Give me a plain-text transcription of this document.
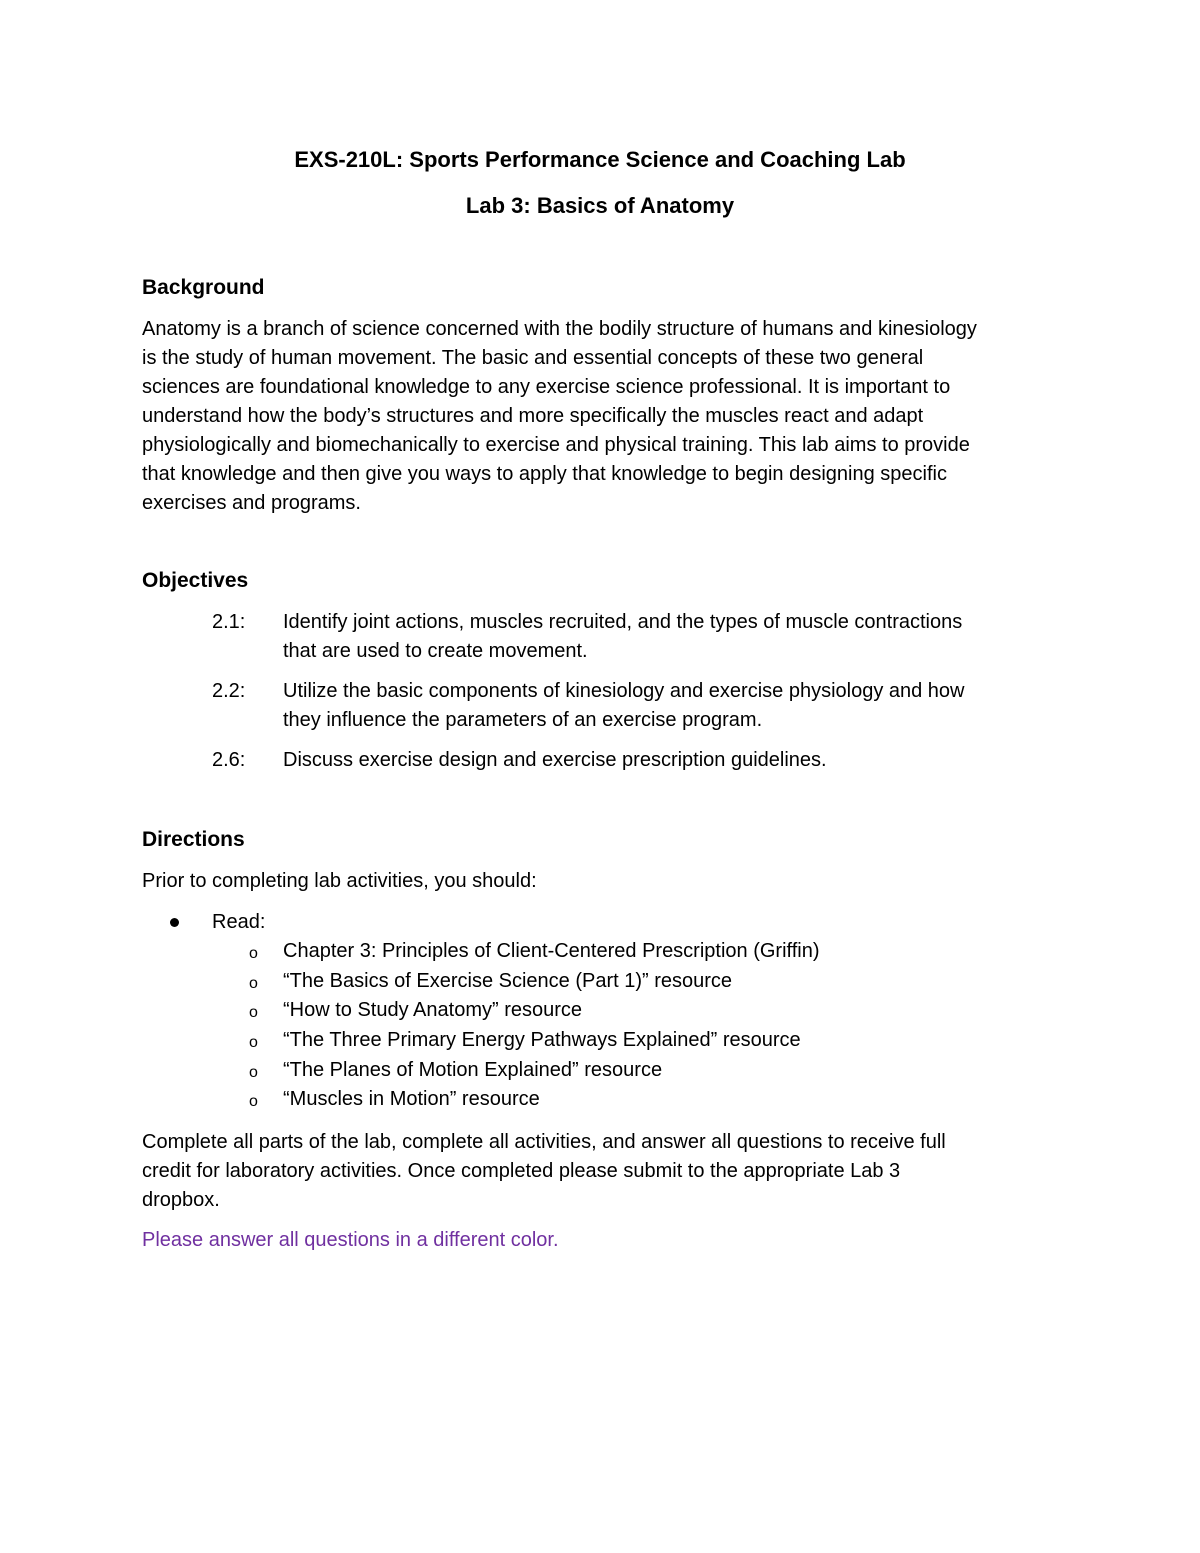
EXS-210L: Sports Performance Science and Coaching Lab
Lab 3: Basics of Anatomy
Background
Anatomy is a branch of science concerned with the bodily structure of humans and kinesiology
is the study of human movement. The basic and essential concepts of these two general
sciences are foundational knowledge to any exercise science professional. It is important to
understand how the body’s structures and more specifically the muscles react and adapt
physiologically and biomechanically to exercise and physical training. This lab aims to provide
that knowledge and then give you ways to apply that knowledge to begin designing specific
exercises and programs.
Objectives
2.1: Identify joint actions, muscles recruited, and the types of muscle contractions
that are used to create movement.
2.2: Utilize the basic components of kinesiology and exercise physiology and how
they influence the parameters of an exercise program.
2.6: Discuss exercise design and exercise prescription guidelines.
Directions
Prior to completing lab activities, you should:
Read:
o Chapter 3: Principles of Client-Centered Prescription (Griffin)
o “The Basics of Exercise Science (Part 1)” resource
o “How to Study Anatomy” resource
o “The Three Primary Energy Pathways Explained” resource
o “The Planes of Motion Explained” resource
o “Muscles in Motion” resource
Complete all parts of the lab, complete all activities, and answer all questions to receive full
credit for laboratory activities. Once completed please submit to the appropriate Lab 3
dropbox.
Please answer all questions in a different color.
